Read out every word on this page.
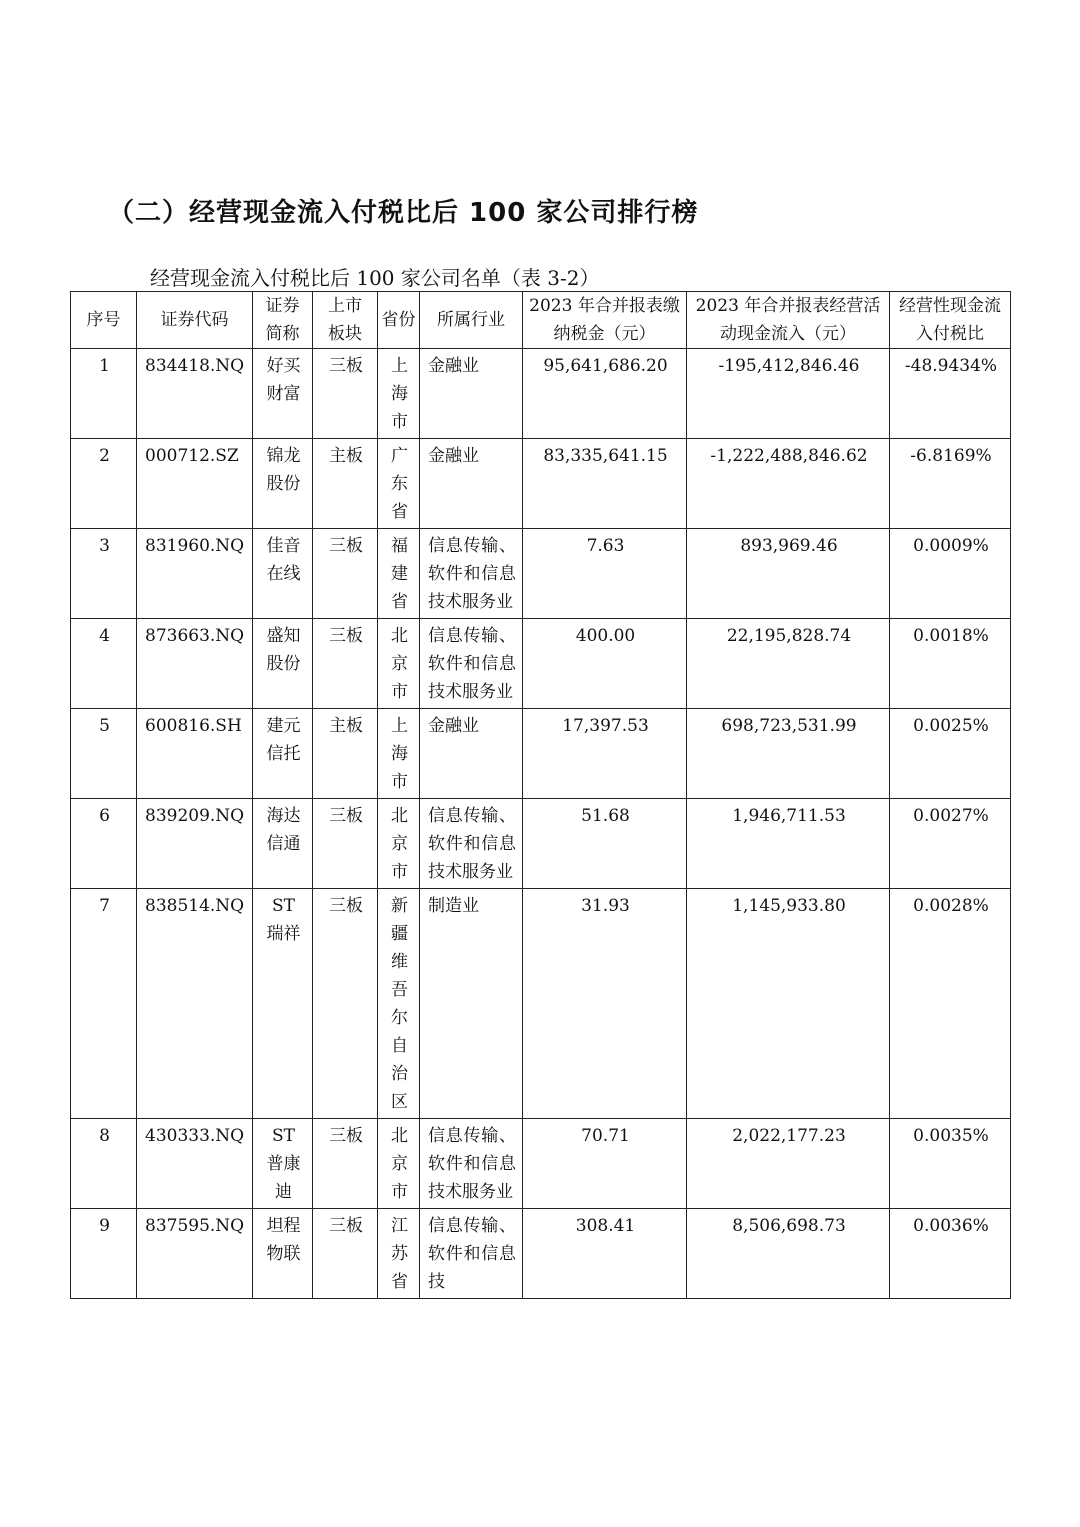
（二）经营现金流入付税比后 100 家公司排行榜
经营现金流入付税比后 100 家公司名单（表 3-2）
序号	证券代码	证券简称	上市板块	省份	所属行业	2023 年合并报表缴纳税金（元）	2023 年合并报表经营活动现金流入（元）	经营性现金流入付税比
1	834418.NQ	好买财富	三板	上海市	金融业	95,641,686.20	-195,412,846.46	-48.9434%
2	000712.SZ	锦龙股份	主板	广东省	金融业	83,335,641.15	-1,222,488,846.62	-6.8169%
3	831960.NQ	佳音在线	三板	福建省	信息传输、软件和信息技术服务业	7.63	893,969.46	0.0009%
4	873663.NQ	盛知股份	三板	北京市	信息传输、软件和信息技术服务业	400.00	22,195,828.74	0.0018%
5	600816.SH	建元信托	主板	上海市	金融业	17,397.53	698,723,531.99	0.0025%
6	839209.NQ	海达信通	三板	北京市	信息传输、软件和信息技术服务业	51.68	1,946,711.53	0.0027%
7	838514.NQ	ST瑞祥	三板	新疆维吾尔自治区	制造业	31.93	1,145,933.80	0.0028%
8	430333.NQ	ST普康迪	三板	北京市	信息传输、软件和信息技术服务业	70.71	2,022,177.23	0.0035%
9	837595.NQ	坦程物联	三板	江苏省	信息传输、软件和信息技	308.41	8,506,698.73	0.0036%
